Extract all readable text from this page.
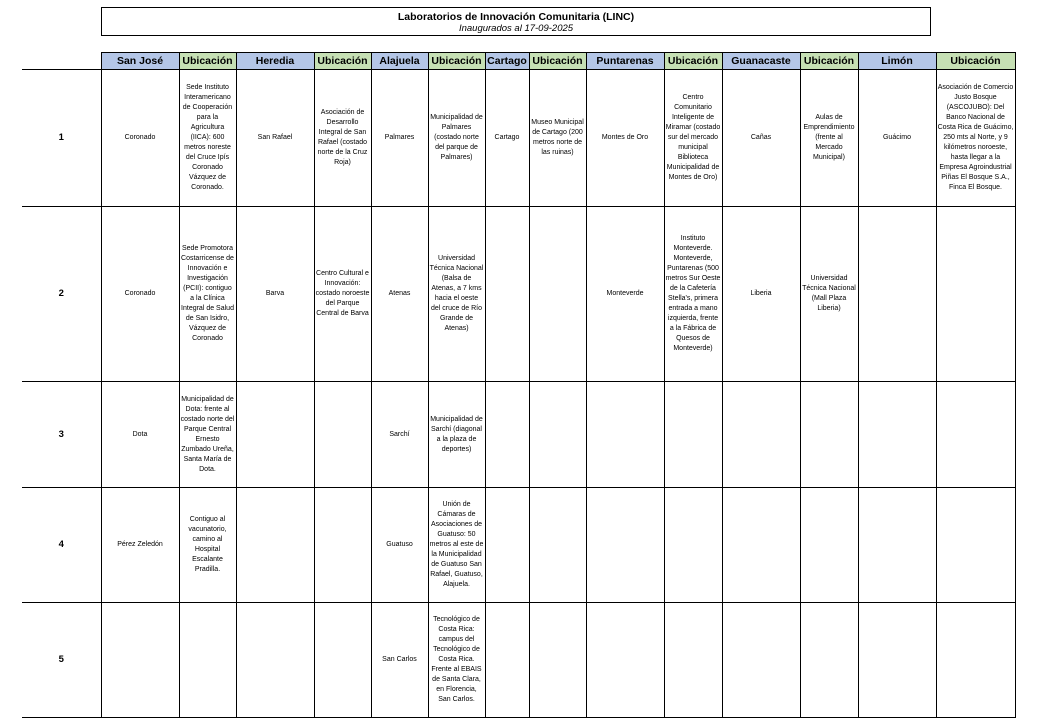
Laboratorios de Innovación Comunitaria (LINC)
Inaugurados al 17-09-2025
	San José	Ubicación	Heredia	Ubicación	Alajuela	Ubicación	Cartago	Ubicación	Puntarenas	Ubicación	Guanacaste	Ubicación	Limón	Ubicación
1	Coronado	Sede Instituto Interamericano de Cooperación para la Agricultura (IICA): 600 metros noreste del Cruce Ipís Coronado Vázquez de Coronado.	San Rafael	Asociación de Desarrollo Integral de San Rafael (costado norte de la Cruz Roja)	Palmares	Municipalidad de Palmares (costado norte del parque de Palmares)	Cartago	Museo Municipal de Cartago (200 metros norte de las ruinas)	Montes de Oro	Centro Comunitario Inteligente de Miramar (costado sur del mercado municipal Biblioteca Municipalidad de Montes de Oro)	Cañas	Aulas de Emprendimiento (frente al Mercado Municipal)	Guácimo	Asociación de Comercio Justo Bosque (ASCOJUBO): Del Banco Nacional de Costa Rica de Guácimo, 250 mts al Norte, y 9 kilómetros noroeste, hasta llegar a la Empresa Agroindustrial Piñas El Bosque S.A., Finca El Bosque.
2	Coronado	Sede Promotora Costarricense de Innovación e Investigación (PCII): contiguo a la Clínica Integral de Salud de San Isidro, Vázquez de Coronado	Barva	Centro Cultural e Innovación: costado noroeste del Parque Central de Barva	Atenas	Universidad Técnica Nacional (Balsa de Atenas, a 7 kms hacia el oeste del cruce de Río Grande de Atenas)			Monteverde	Instituto Monteverde. Monteverde, Puntarenas (500 metros Sur Oeste de la Cafetería Stella's, primera entrada a mano izquierda, frente a la Fábrica de Quesos de Monteverde)	Liberia	Universidad Técnica Nacional (Mall Plaza Liberia)		
3	Dota	Municipalidad de Dota: frente al costado norte del Parque Central Ernesto Zumbado Ureña, Santa María de Dota.			Sarchí	Municipalidad de Sarchí (diagonal a la plaza de deportes)								
4	Pérez Zeledón	Contiguo al vacunatorio, camino al Hospital Escalante Pradilla.			Guatuso	Unión de Cámaras de Asociaciones de Guatuso: 50 metros al este de la Municipalidad de Guatuso San Rafael, Guatuso, Alajuela.								
5					San Carlos	Tecnológico de Costa Rica: campus del Tecnológico de Costa Rica. Frente al EBAIS de Santa Clara, en Florencia, San Carlos.								
